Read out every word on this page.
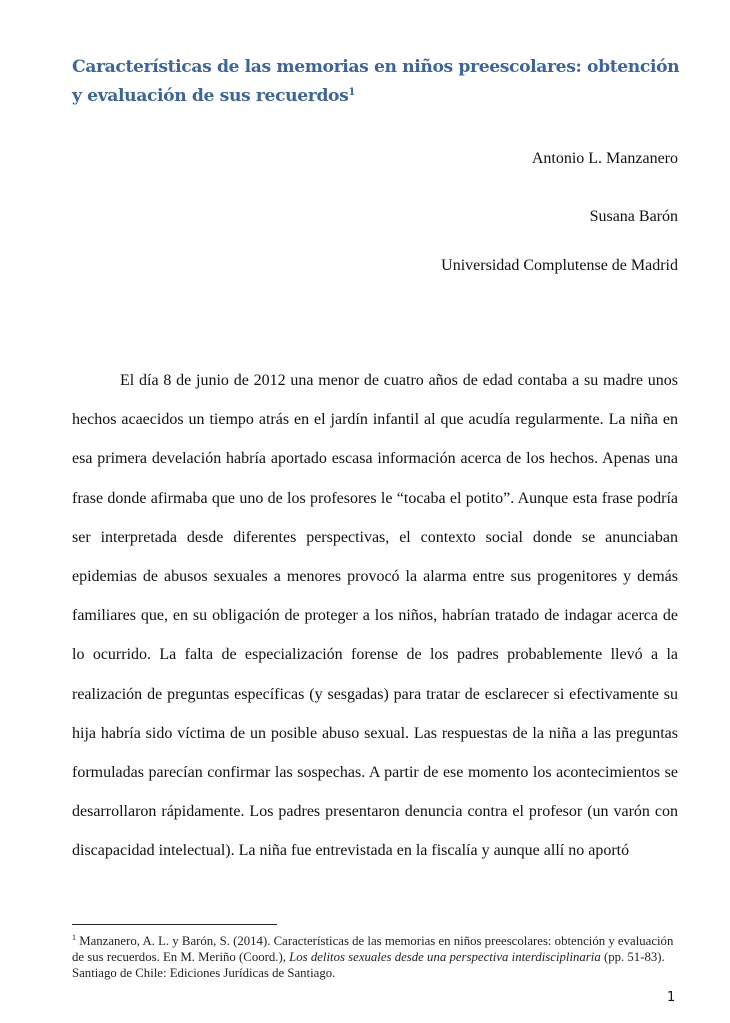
Características de las memorias en niños preescolares: obtención y evaluación de sus recuerdos$^1$
Antonio L. Manzanero
Susana Barón
Universidad Complutense de Madrid

El día 8 de junio de 2012 una menor de cuatro años de edad contaba a su madre unos hechos acaecidos un tiempo atrás en el jardín infantil al que acudía regularmente. La niña en esa primera develación habría aportado escasa información acerca de los hechos. Apenas una frase donde afirmaba que uno de los profesores le “tocaba el potito”. Aunque esta frase podría ser interpretada desde diferentes perspectivas, el contexto social donde se anunciaban epidemias de abusos sexuales a menores provocó la alarma entre sus progenitores y demás familiares que, en su obligación de proteger a los niños, habrían tratado de indagar acerca de lo ocurrido. La falta de especialización forense de los padres probablemente llevó a la realización de preguntas específicas (y sesgadas) para tratar de esclarecer si efectivamente su hija habría sido víctima de un posible abuso sexual. Las respuestas de la niña a las preguntas formuladas parecían confirmar las sospechas. A partir de ese momento los acontecimientos se desarrollaron rápidamente. Los padres presentaron denuncia contra el profesor (un varón con discapacidad intelectual). La niña fue entrevistada en la fiscalía y aunque allí no aportó

$^1$ Manzanero, A. L. y Barón, S. (2014). Características de las memorias en niños preescolares: obtención y evaluación de sus recuerdos. En M. Meriño (Coord.), Los delitos sexuales desde una perspectiva interdisciplinaria (pp. 51-83). Santiago de Chile: Ediciones Jurídicas de Santiago.
1
